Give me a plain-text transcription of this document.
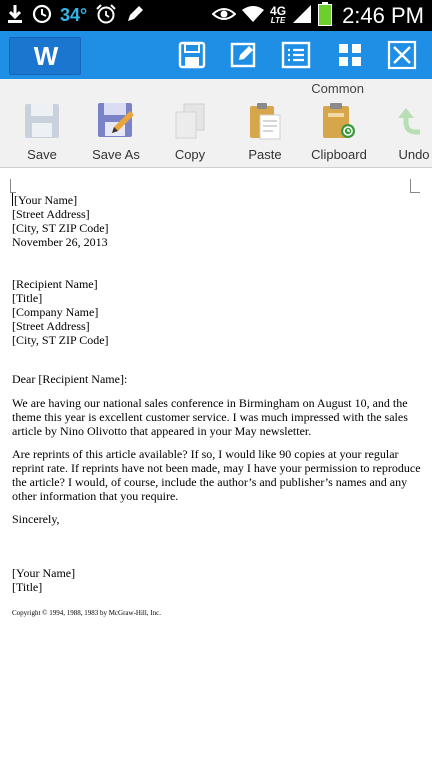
34°	4G
LTE	2:46 PM
W
Common
Save	Save As	Copy	Paste	Clipboard	Undo
[Your Name]
[Street Address]
[City, ST ZIP Code]
November 26, 2013
[Recipient Name]
[Title]
[Company Name]
[Street Address]
[City, ST ZIP Code]

Dear [Recipient Name]:

We are having our national sales conference in Birmingham on August 10, and the theme this year is excellent customer service. I was much impressed with the sales article by Nino Olivotto that appeared in your May newsletter.

Are reprints of this article available? If so, I would like 90 copies at your regular reprint rate. If reprints have not been made, may I have your permission to reproduce the article? I would, of course, include the author’s and publisher’s names and any other information that you require.

Sincerely,

[Your Name]
[Title]
Copyright © 1994, 1988, 1983 by McGraw-Hill, Inc.
